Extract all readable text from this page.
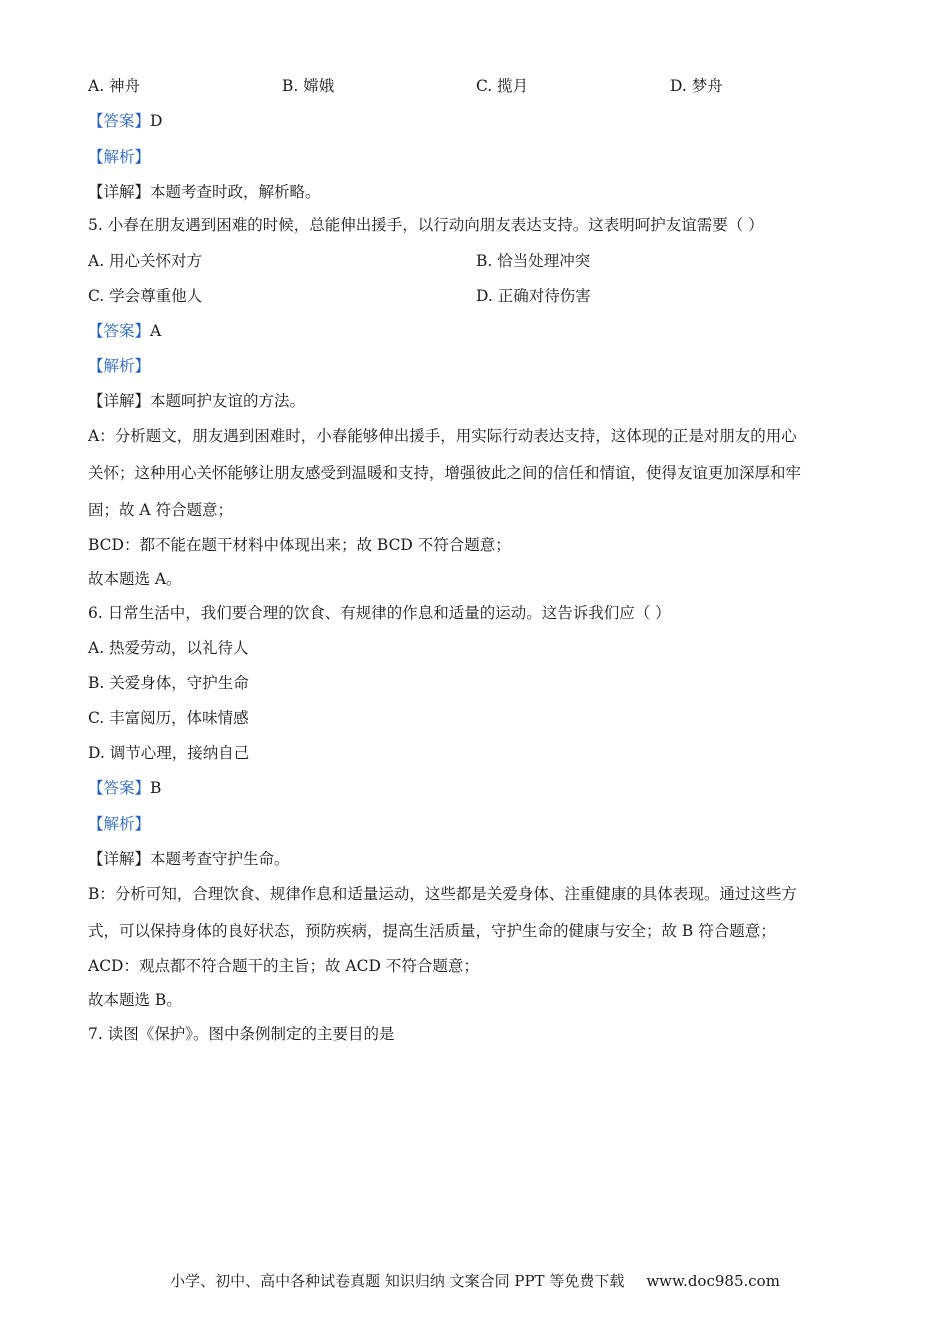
A. 神舟	B. 嫦娥	C. 揽月	D. 梦舟
【答案】D
【解析】
【详解】本题考查时政，解析略。
5. 小春在朋友遇到困难的时候，总能伸出援手，以行动向朋友表达支持。这表明呵护友谊需要（ ）
A. 用心关怀对方	B. 恰当处理冲突
C. 学会尊重他人	D. 正确对待伤害
【答案】A
【解析】
【详解】本题呵护友谊的方法。
A：分析题文，朋友遇到困难时，小春能够伸出援手，用实际行动表达支持，这体现的正是对朋友的用心
关怀；这种用心关怀能够让朋友感受到温暖和支持，增强彼此之间的信任和情谊，使得友谊更加深厚和牢
固；故 A 符合题意；
BCD：都不能在题干材料中体现出来；故 BCD 不符合题意；
故本题选 A。
6. 日常生活中，我们要合理的饮食、有规律的作息和适量的运动。这告诉我们应（ ）
A. 热爱劳动，以礼待人
B. 关爱身体，守护生命
C. 丰富阅历，体味情感
D. 调节心理，接纳自己
【答案】B
【解析】
【详解】本题考查守护生命。
B：分析可知，合理饮食、规律作息和适量运动，这些都是关爱身体、注重健康的具体表现。通过这些方
式，可以保持身体的良好状态，预防疾病，提高生活质量，守护生命的健康与安全；故 B 符合题意；
ACD：观点都不符合题干的主旨；故 ACD 不符合题意；
故本题选 B。
7. 读图《保护》。图中条例制定的主要目的是
小学、初中、高中各种试卷真题 知识归纳 文案合同 PPT 等免费下载 www.doc985.com
